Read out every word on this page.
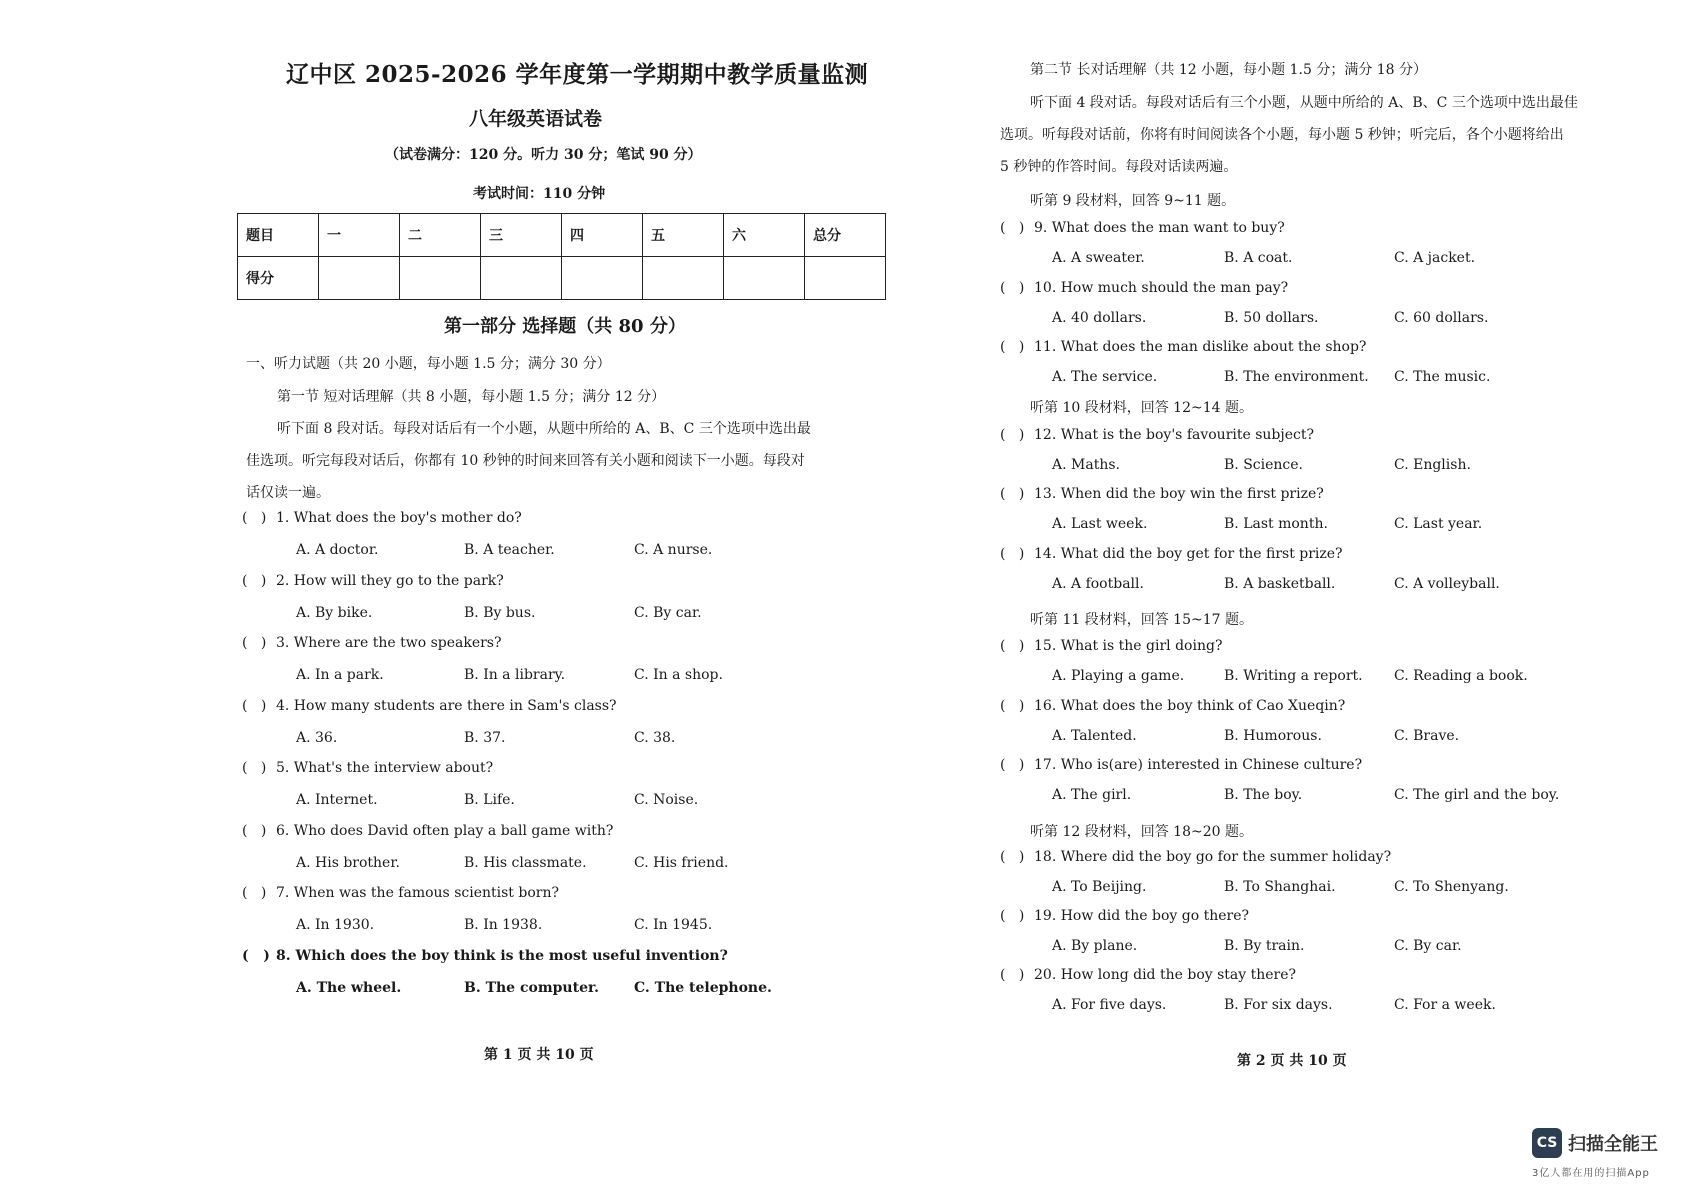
辽中区 2025-2026 学年度第一学期期中教学质量监测
八年级英语试卷
（试卷满分：120 分。听力 30 分；笔试 90 分）
考试时间：110 分钟
题目	一	二	三	四	五	六	总分
得分							
第一部分 选择题（共 80 分）
一、听力试题（共 20 小题，每小题 1.5 分；满分 30 分）
第一节 短对话理解（共 8 小题，每小题 1.5 分；满分 12 分）
听下面 8 段对话。每段对话后有一个小题，从题中所给的 A、B、C 三个选项中选出最
佳选项。听完每段对话后，你都有 10 秒钟的时间来回答有关小题和阅读下一小题。每段对
话仅读一遍。
(   ) 1. What does the boy's mother do?
A. A doctor.	B. A teacher.	C. A nurse.
(   ) 2. How will they go to the park?
A. By bike.	B. By bus.	C. By car.
(   ) 3. Where are the two speakers?
A. In a park.	B. In a library.	C. In a shop.
(   ) 4. How many students are there in Sam's class?
A. 36.	B. 37.	C. 38.
(   ) 5. What's the interview about?
A. Internet.	B. Life.	C. Noise.
(   ) 6. Who does David often play a ball game with?
A. His brother.	B. His classmate.	C. His friend.
(   ) 7. When was the famous scientist born?
A. In 1930.	B. In 1938.	C. In 1945.
(   ) 8. Which does the boy think is the most useful invention?
A. The wheel.	B. The computer.	C. The telephone.
第 1 页 共 10 页
第二节 长对话理解（共 12 小题，每小题 1.5 分；满分 18 分）
听下面 4 段对话。每段对话后有三个小题，从题中所给的 A、B、C 三个选项中选出最佳
选项。听每段对话前，你将有时间阅读各个小题，每小题 5 秒钟；听完后，各个小题将给出
5 秒钟的作答时间。每段对话读两遍。
听第 9 段材料，回答 9~11 题。
(   ) 9. What does the man want to buy?
A. A sweater.	B. A coat.	C. A jacket.
(   ) 10. How much should the man pay?
A. 40 dollars.	B. 50 dollars.	C. 60 dollars.
(   ) 11. What does the man dislike about the shop?
A. The service.	B. The environment. C. The music.
听第 10 段材料，回答 12~14 题。
(   ) 12. What is the boy's favourite subject?
A. Maths.	B. Science.	C. English.
(   ) 13. When did the boy win the first prize?
A. Last week.	B. Last month.	C. Last year.
(   ) 14. What did the boy get for the first prize?
A. A football.	B. A basketball.	C. A volleyball.
听第 11 段材料，回答 15~17 题。
(   ) 15. What is the girl doing?
A. Playing a game.	B. Writing a report. C. Reading a book.
(   ) 16. What does the boy think of Cao Xueqin?
A. Talented.	B. Humorous.	C. Brave.
(   ) 17. Who is(are) interested in Chinese culture?
A. The girl.	B. The boy.	C. The girl and the boy.
听第 12 段材料，回答 18~20 题。
(   ) 18. Where did the boy go for the summer holiday?
A. To Beijing.	B. To Shanghai.	C. To Shenyang.
(   ) 19. How did the boy go there?
A. By plane.	B. By train.	C. By car.
(   ) 20. How long did the boy stay there?
A. For five days.	B. For six days.	C. For a week.
第 2 页 共 10 页
CS 扫描全能王
3亿人都在用的扫描App
